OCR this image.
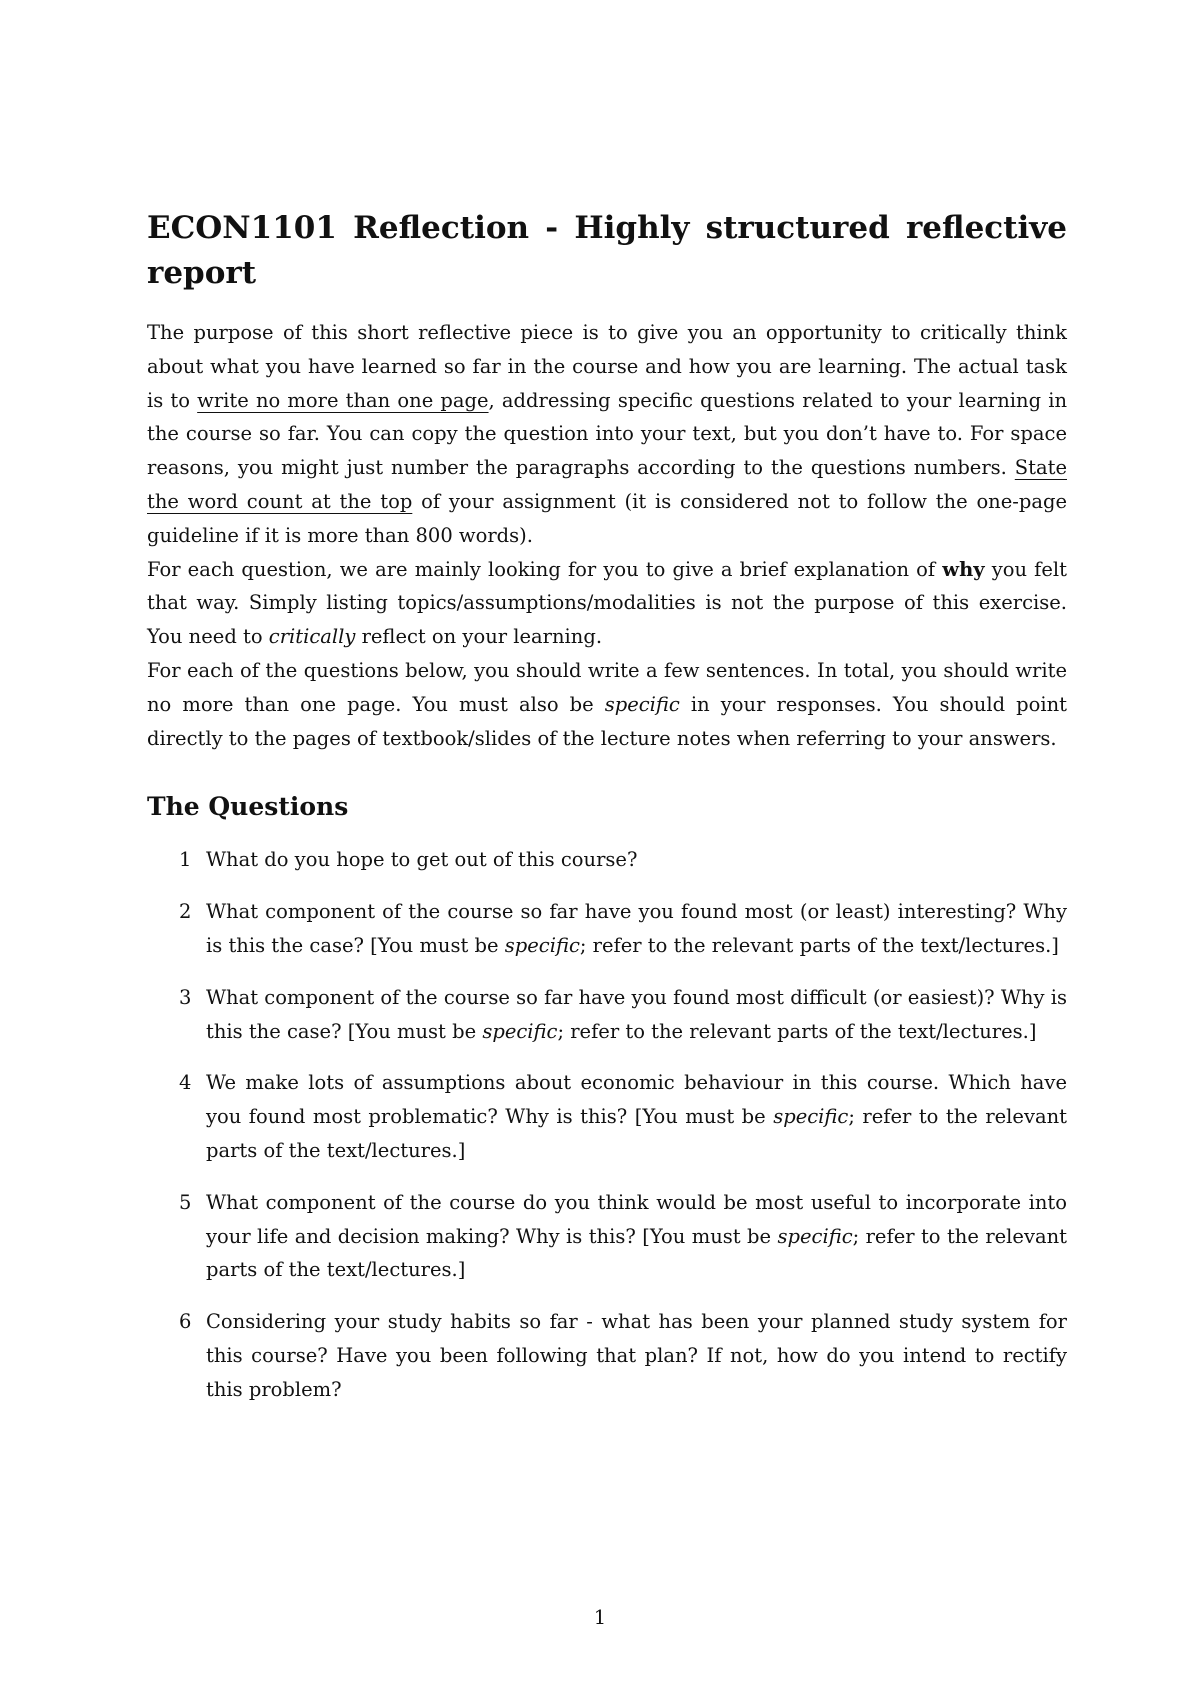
ECON1101 Reflection - Highly structured reflective report

The purpose of this short reflective piece is to give you an opportunity to critically think about what you have learned so far in the course and how you are learning. The actual task is to write no more than one page, addressing specific questions related to your learning in the course so far. You can copy the question into your text, but you don’t have to. For space reasons, you might just number the paragraphs according to the questions numbers. State the word count at the top of your assignment (it is considered not to follow the one-page guideline if it is more than 800 words).

For each question, we are mainly looking for you to give a brief explanation of why you felt that way. Simply listing topics/assumptions/modalities is not the purpose of this exercise. You need to critically reflect on your learning.

For each of the questions below, you should write a few sentences. In total, you should write no more than one page. You must also be specific in your responses. You should point directly to the pages of textbook/slides of the lecture notes when referring to your answers.

The Questions
1 What do you hope to get out of this course?
2 What component of the course so far have you found most (or least) interesting? Why is this the case? [You must be specific; refer to the relevant parts of the text/lectures.]
3 What component of the course so far have you found most difficult (or easiest)? Why is this the case? [You must be specific; refer to the relevant parts of the text/lectures.]
4 We make lots of assumptions about economic behaviour in this course. Which have you found most problematic? Why is this? [You must be specific; refer to the relevant parts of the text/lectures.]
5 What component of the course do you think would be most useful to incorporate into your life and decision making? Why is this? [You must be specific; refer to the relevant parts of the text/lectures.]
6 Considering your study habits so far - what has been your planned study system for this course? Have you been following that plan? If not, how do you intend to rectify this problem?
1
